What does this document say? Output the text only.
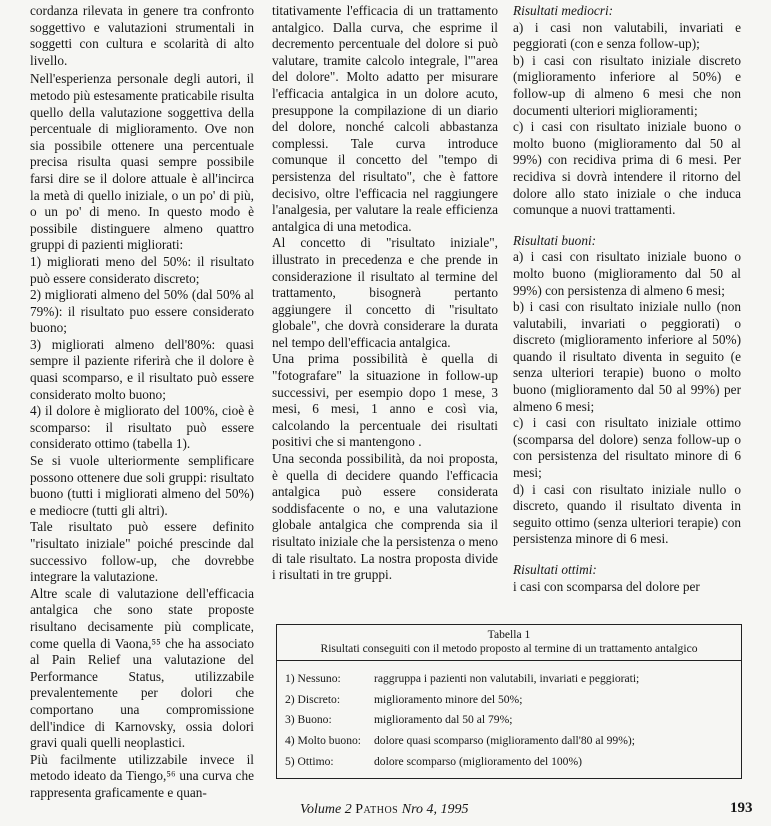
cordanza rilevata in genere tra confronto soggettivo e valutazioni strumentali in soggetti con cultura e scolarità di alto livello.

Nell'esperienza personale degli autori, il metodo più estesamente praticabile risulta quello della valutazione soggettiva della percentuale di miglioramento. Ove non sia possibile ottenere una percentuale precisa risulta quasi sempre possibile farsi dire se il dolore attuale è all'incirca la metà di quello iniziale, o un po' di più, o un po' di meno. In questo modo è possibile distinguere almeno quattro gruppi di pazienti migliorati:

1) migliorati meno del 50%: il risultato può essere considerato discreto;

2) migliorati almeno del 50% (dal 50% al 79%): il risultato puo essere considerato buono;

3) migliorati almeno dell'80%: quasi sempre il paziente riferirà che il dolore è quasi scomparso, e il risultato può essere considerato molto buono;

4) il dolore è migliorato del 100%, cioè è scomparso: il risultato può essere considerato ottimo (tabella 1).

Se si vuole ulteriormente semplificare possono ottenere due soli gruppi: risultato buono (tutti i migliorati almeno del 50%) e mediocre (tutti gli altri).

Tale risultato può essere definito "risultato iniziale" poiché prescinde dal successivo follow-up, che dovrebbe integrare la valutazione.

Altre scale di valutazione dell'efficacia antalgica che sono state proposte risultano decisamente più complicate, come quella di Vaona,⁵⁵ che ha associato al Pain Relief una valutazione del Performance Status, utilizzabile prevalentemente per dolori che comportano una compromissione dell'indice di Karnovsky, ossia dolori gravi quali quelli neoplastici.

Più facilmente utilizzabile invece il metodo ideato da Tiengo,⁵⁶ una curva che rappresenta graficamente e quan-

titativamente l'efficacia di un trattamento antalgico. Dalla curva, che esprime il decremento percentuale del dolore si può valutare, tramite calcolo integrale, l'"area del dolore". Molto adatto per misurare l'efficacia antalgica in un dolore acuto, presuppone la compilazione di un diario del dolore, nonché calcoli abbastanza complessi. Tale curva introduce comunque il concetto del "tempo di persistenza del risultato", che è fattore decisivo, oltre l'efficacia nel raggiungere l'analgesia, per valutare la reale efficienza antalgica di una metodica.

Al concetto di "risultato iniziale", illustrato in precedenza e che prende in considerazione il risultato al termine del trattamento, bisognerà pertanto aggiungere il concetto di "risultato globale", che dovrà considerare la durata nel tempo dell'efficacia antalgica.

Una prima possibilità è quella di "fotografare" la situazione in follow-up successivi, per esempio dopo 1 mese, 3 mesi, 6 mesi, 1 anno e così via, calcolando la percentuale dei risultati positivi che si mantengono .

Una seconda possibilità, da noi proposta, è quella di decidere quando l'efficacia antalgica può essere considerata soddisfacente o no, e una valutazione globale antalgica che comprenda sia il risultato iniziale che la persistenza o meno di tale risultato. La nostra proposta divide i risultati in tre gruppi.

Risultati mediocri:

a) i casi non valutabili, invariati e peggiorati (con e senza follow-up);

b) i casi con risultato iniziale discreto (miglioramento inferiore al 50%) e follow-up di almeno 6 mesi che non documenti ulteriori miglioramenti;

c) i casi con risultato iniziale buono o molto buono (miglioramento dal 50 al 99%) con recidiva prima di 6 mesi. Per recidiva si dovrà intendere il ritorno del dolore allo stato iniziale o che induca comunque a nuovi trattamenti.

Risultati buoni:

a) i casi con risultato iniziale buono o molto buono (miglioramento dal 50 al 99%) con persistenza di almeno 6 mesi;

b) i casi con risultato iniziale nullo (non valutabili, invariati o peggiorati) o discreto (miglioramento inferiore al 50%) quando il risultato diventa in seguito (e senza ulteriori terapie) buono o molto buono (miglioramento dal 50 al 99%) per almeno 6 mesi;

c) i casi con risultato iniziale ottimo (scomparsa del dolore) senza follow-up o con persistenza del risultato minore di 6 mesi;

d) i casi con risultato iniziale nullo o discreto, quando il risultato diventa in seguito ottimo (senza ulteriori terapie) con persistenza minore di 6 mesi.

Risultati ottimi:

i casi con scomparsa del dolore per

Tabella 1
Risultati conseguiti con il metodo proposto al termine di un trattamento antalgico
1) Nessuno:	raggruppa i pazienti non valutabili, invariati e peggiorati;
2) Discreto:	miglioramento minore del 50%;
3) Buono:	miglioramento dal 50 al 79%;
4) Molto buono: dolore quasi scomparso (miglioramento dall'80 al 99%);
5) Ottimo:	dolore scomparso (miglioramento del 100%)
Volume 2 Pathos Nro 4, 1995	193
